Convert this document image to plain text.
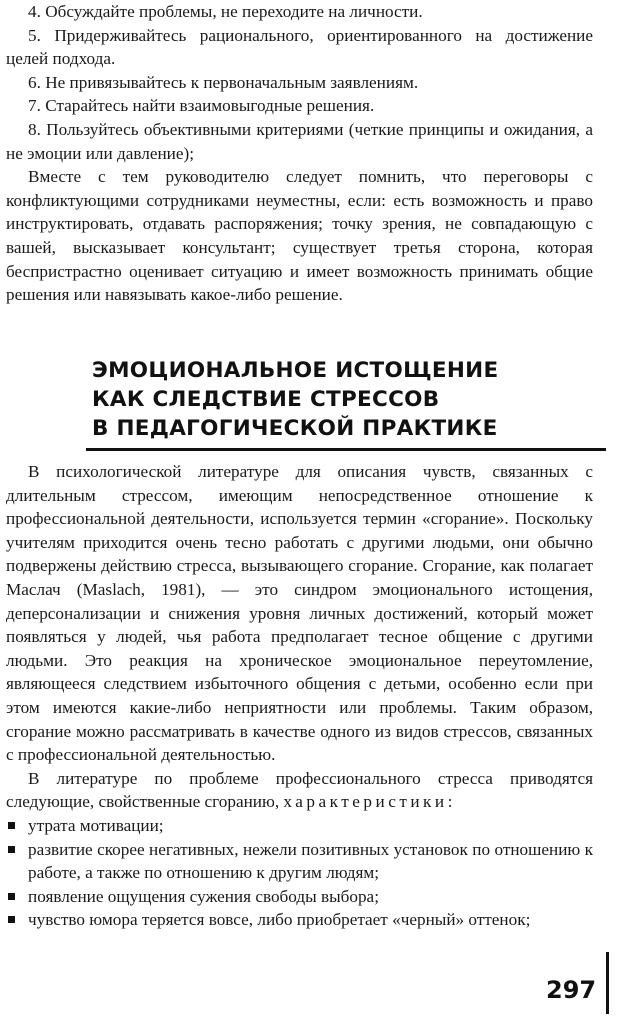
4. Обсуждайте проблемы, не переходите на личности.

5. Придерживайтесь рационального, ориентированного на достижение целей подхода.

6. Не привязывайтесь к первоначальным заявлениям.

7. Старайтесь найти взаимовыгодные решения.

8. Пользуйтесь объективными критериями (четкие принципы и ожидания, а не эмоции или давление);

Вместе с тем руководителю следует помнить, что переговоры с конфликтующими сотрудниками неуместны, если: есть возможность и право инструктировать, отдавать распоряжения; точку зрения, не совпадающую с вашей, высказывает консультант; существует третья сторона, которая беспристрастно оценивает ситуацию и имеет возможность принимать общие решения или навязывать какое-либо решение.

ЭМОЦИОНАЛЬНОЕ ИСТОЩЕНИЕ
КАК СЛЕДСТВИЕ СТРЕССОВ
В ПЕДАГОГИЧЕСКОЙ ПРАКТИКЕ

В психологической литературе для описания чувств, связанных с длительным стрессом, имеющим непосредственное отношение к профессиональной деятельности, используется термин «сгорание». Поскольку учителям приходится очень тесно работать с другими людьми, они обычно подвержены действию стресса, вызывающего сгорание. Сгорание, как полагает Маслач (Maslach, 1981), — это синдром эмоционального истощения, деперсонализации и снижения уровня личных достижений, который может появляться у людей, чья работа предполагает тесное общение с другими людьми. Это реакция на хроническое эмоциональное переутомление, являющееся следствием избыточного общения с детьми, особенно если при этом имеются какие-либо неприятности или проблемы. Таким образом, сгорание можно рассматривать в качестве одного из видов стрессов, связанных с профессиональной деятельностью.

В литературе по проблеме профессионального стресса приводятся следующие, свойственные сгоранию, характеристики:

утрата мотивации;
развитие скорее негативных, нежели позитивных установок по отношению к работе, а также по отношению к другим людям;
появление ощущения сужения свободы выбора;
чувство юмора теряется вовсе, либо приобретает «черный» оттенок;
297
